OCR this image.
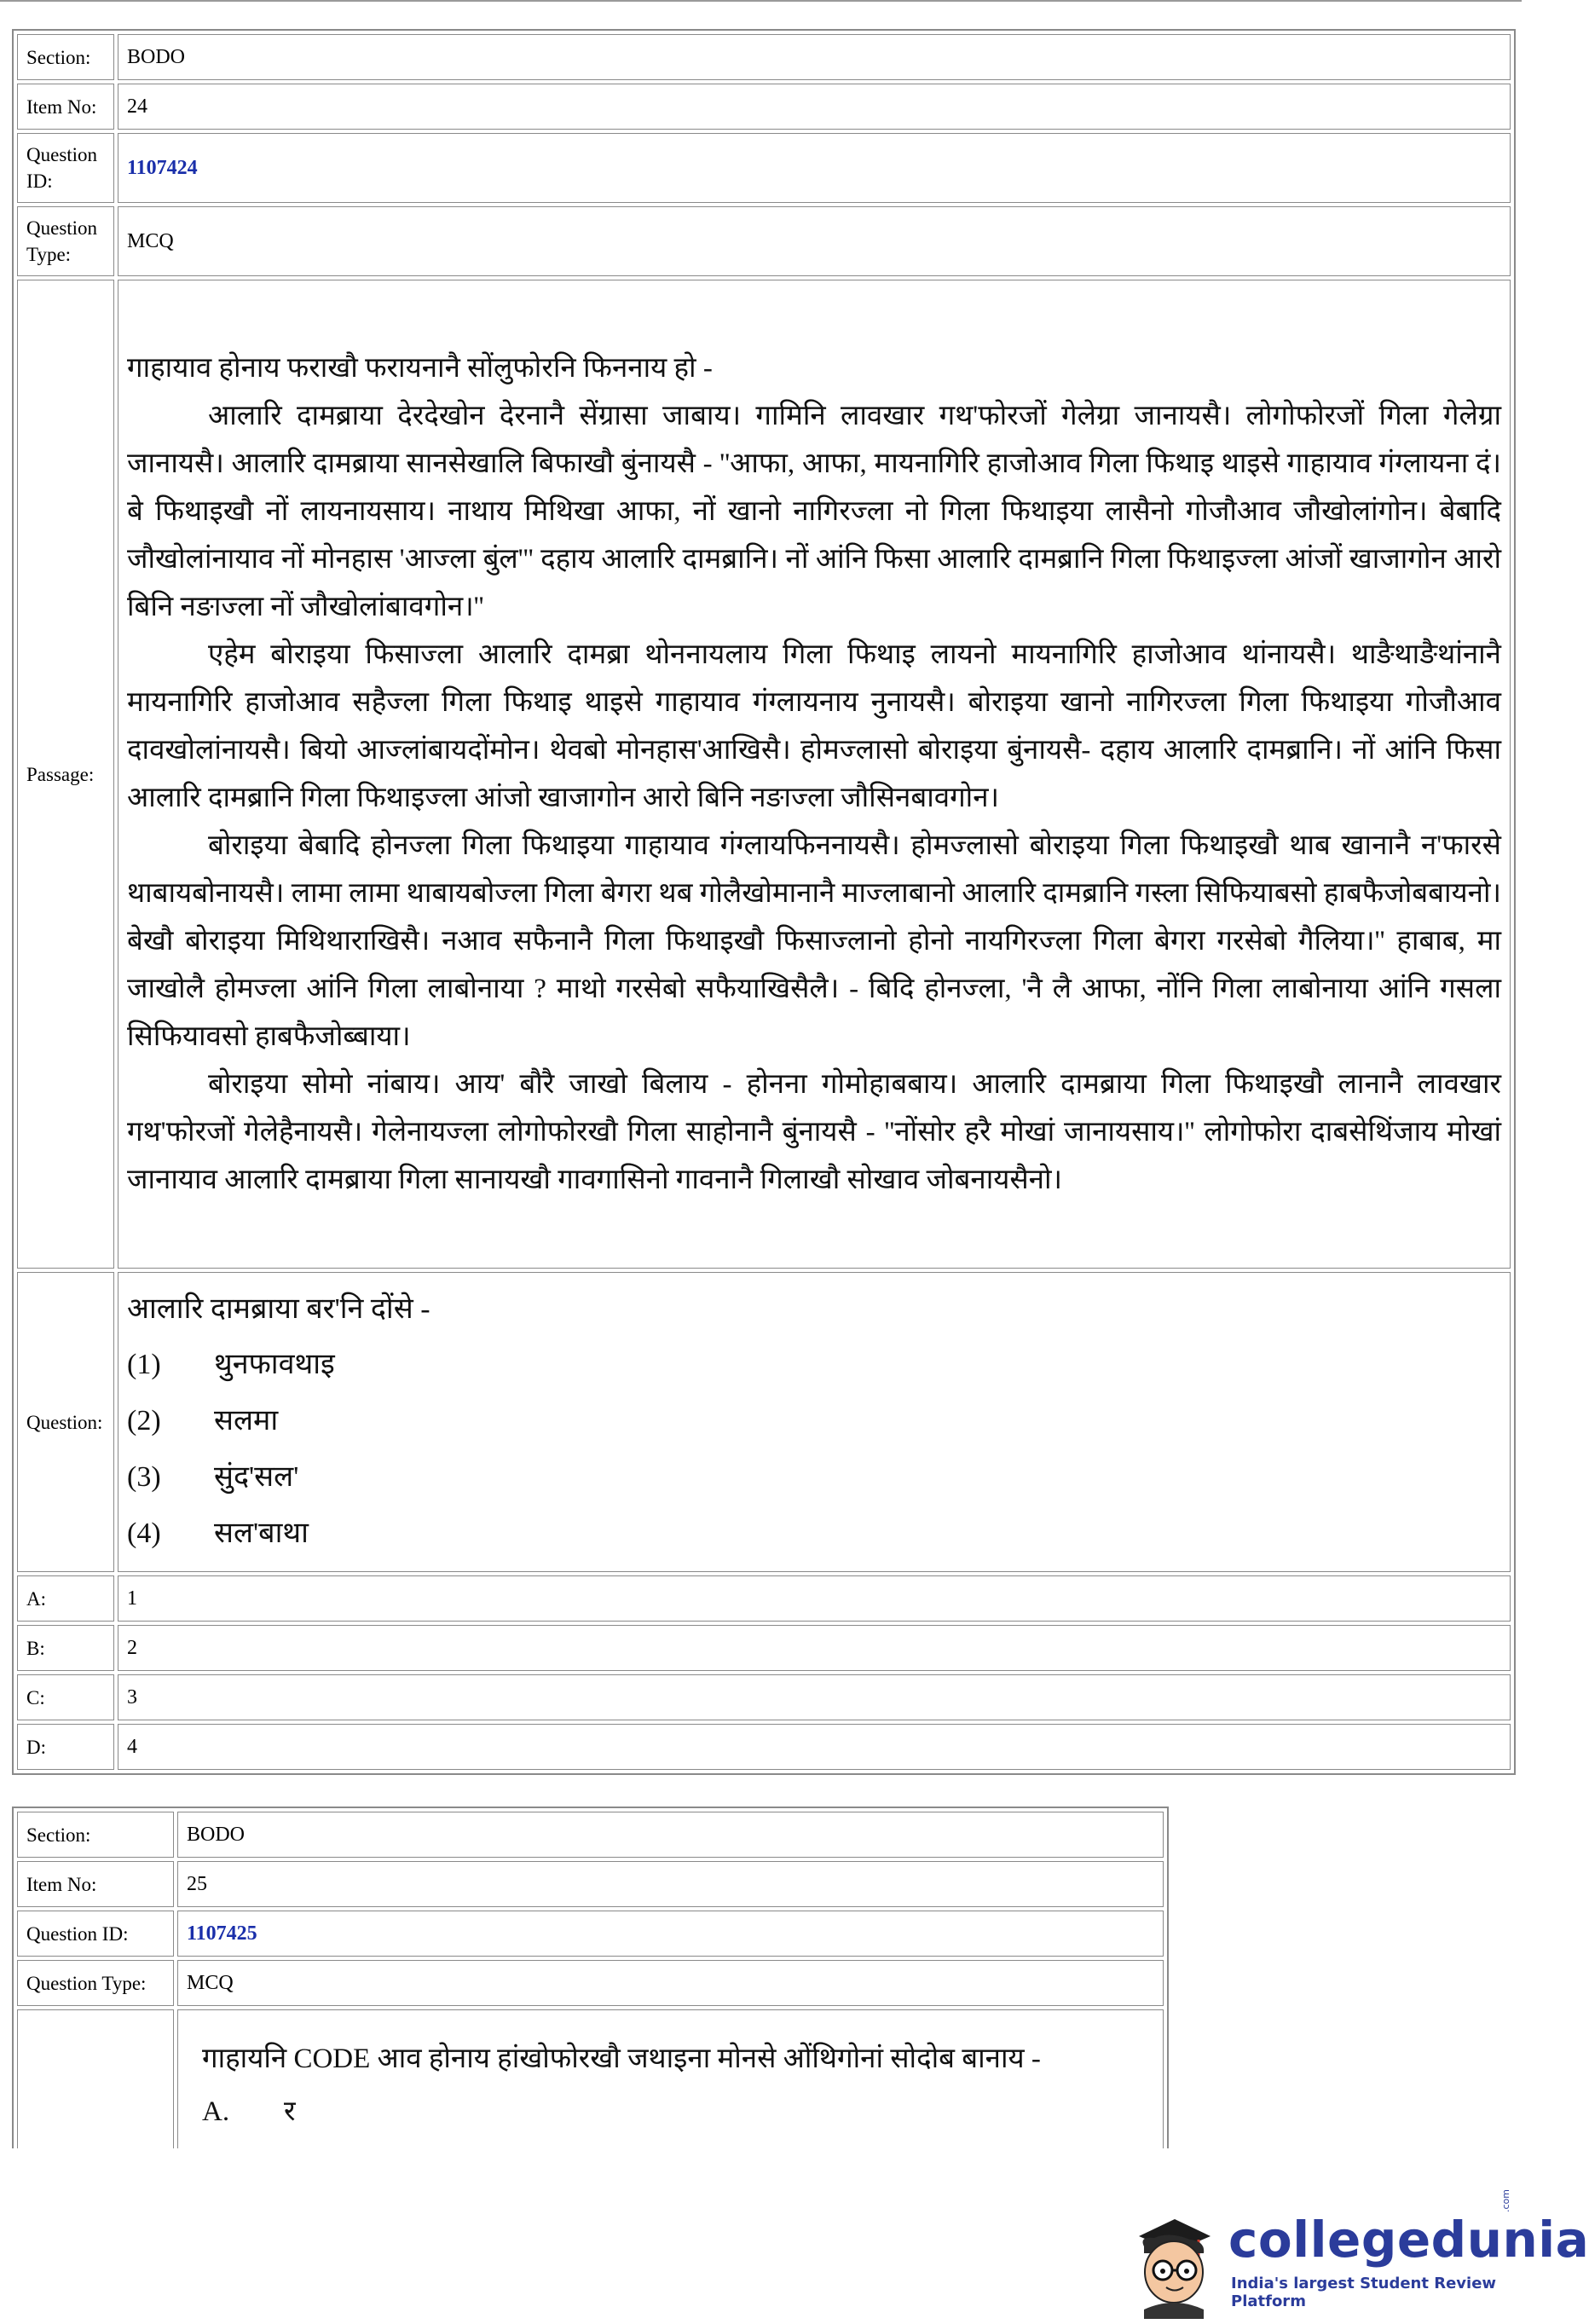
Section:	BODO
Item No:	24
Question ID:	1107424
Question Type:	MCQ
Passage:	गाहायाव होनाय फराखौ फरायनानै सोंलुफोरनि फिननाय हो -

आलारि दामब्राया देरदेखोन देरनानै सेंग्रासा जाबाय। गामिनि लावखार गथ'फोरजों गेलेग्रा जानायसै। लोगोफोरजों गिला गेलेग्रा जानायसै। आलारि दामब्राया सानसेखालि बिफाखौ बुंनायसै - ''आफा, आफा, मायनागिरि हाजोआव गिला फिथाइ थाइसे गाहायाव गंग्लायना दं। बे फिथाइखौ नों लायनायसाय। नाथाय मिथिखा आफा, नों खानो नागिरज्ला नो गिला फिथाइया लासैनो गोजौआव जौखोलांगोन। बेबादि जौखोलांनायाव नों मोनहास 'आज्ला बुंल''' दहाय आलारि दामब्रानि। नों आंनि फिसा आलारि दामब्रानि गिला फिथाइज्ला आंजों खाजागोन आरो बिनि नङाज्ला नों जौखोलांबावगोन।''

एहेम बोराइया फिसाज्ला आलारि दामब्रा थोननायलाय गिला फिथाइ लायनो मायनागिरि हाजोआव थांनायसै। थाङैथाङैथांनानै मायनागिरि हाजोआव सहैज्ला गिला फिथाइ थाइसे गाहायाव गंग्लायनाय नुनायसै। बोराइया खानो नागिरज्ला गिला फिथाइया गोजौआव दावखोलांनायसै। बियो आज्लांबायदोंमोन। थेवबो मोनहास'आखिसै। होमज्लासो बोराइया बुंनायसै- दहाय आलारि दामब्रानि। नों आंनि फिसा आलारि दामब्रानि गिला फिथाइज्ला आंजो खाजागोन आरो बिनि नङाज्ला जौसिनबावगोन।

बोराइया बेबादि होनज्ला गिला फिथाइया गाहायाव गंग्लायफिननायसै। होमज्लासो बोराइया गिला फिथाइखौ थाब खानानै न'फारसे थाबायबोनायसै। लामा लामा थाबायबोज्ला गिला बेगरा थब गोलैखोमानानै माज्लाबानो आलारि दामब्रानि गस्ला सिफियाबसो हाबफैजोबबायनो। बेखौ बोराइया मिथिथाराखिसै। नआव सफैनानै गिला फिथाइखौ फिसाज्लानो होनो नायगिरज्ला गिला बेगरा गरसेबो गैलिया।'' हाबाब, मा जाखोलै होमज्ला आंनि गिला लाबोनाया ? माथो गरसेबो सफैयाखिसैलै। - बिदि होनज्ला, 'नै लै आफा, नोंनि गिला लाबोनाया आंनि गसला सिफियावसो हाबफैजोब्बाया।

बोराइया सोमो नांबाय। आय' बौरै जाखो बिलाय - होनना गोमोहाबबाय। आलारि दामब्राया गिला फिथाइखौ लानानै लावखार गथ'फोरजों गेलेहैनायसै। गेलेनायज्ला लोगोफोरखौ गिला साहोनानै बुंनायसै - ''नोंसोर हरै मोखां जानायसाय।'' लोगोफोरा दाबसेथिंजाय मोखां जानायाव आलारि दामब्राया गिला सानायखौ गावगासिनो गावनानै गिलाखौ सोखाव जोबनायसैनो।

Question:	आलारि दामब्राया बर'नि दोंसे -
(1) थुनफावथाइ
(2) सलमा
(3) सुंद'सल'
(4) सल'बाथा

A:	1
B:	2
C:	3
D:	4
Section:	BODO
Item No:	25
Question ID:	1107425
Question Type:	MCQ

	गाहायनि CODE आव होनाय हांखोफोरखौ जथाइना मोनसे ओंथिगोनां सोदोब बानाय -
A. र
collegedunia
.com
India's largest Student Review Platform
